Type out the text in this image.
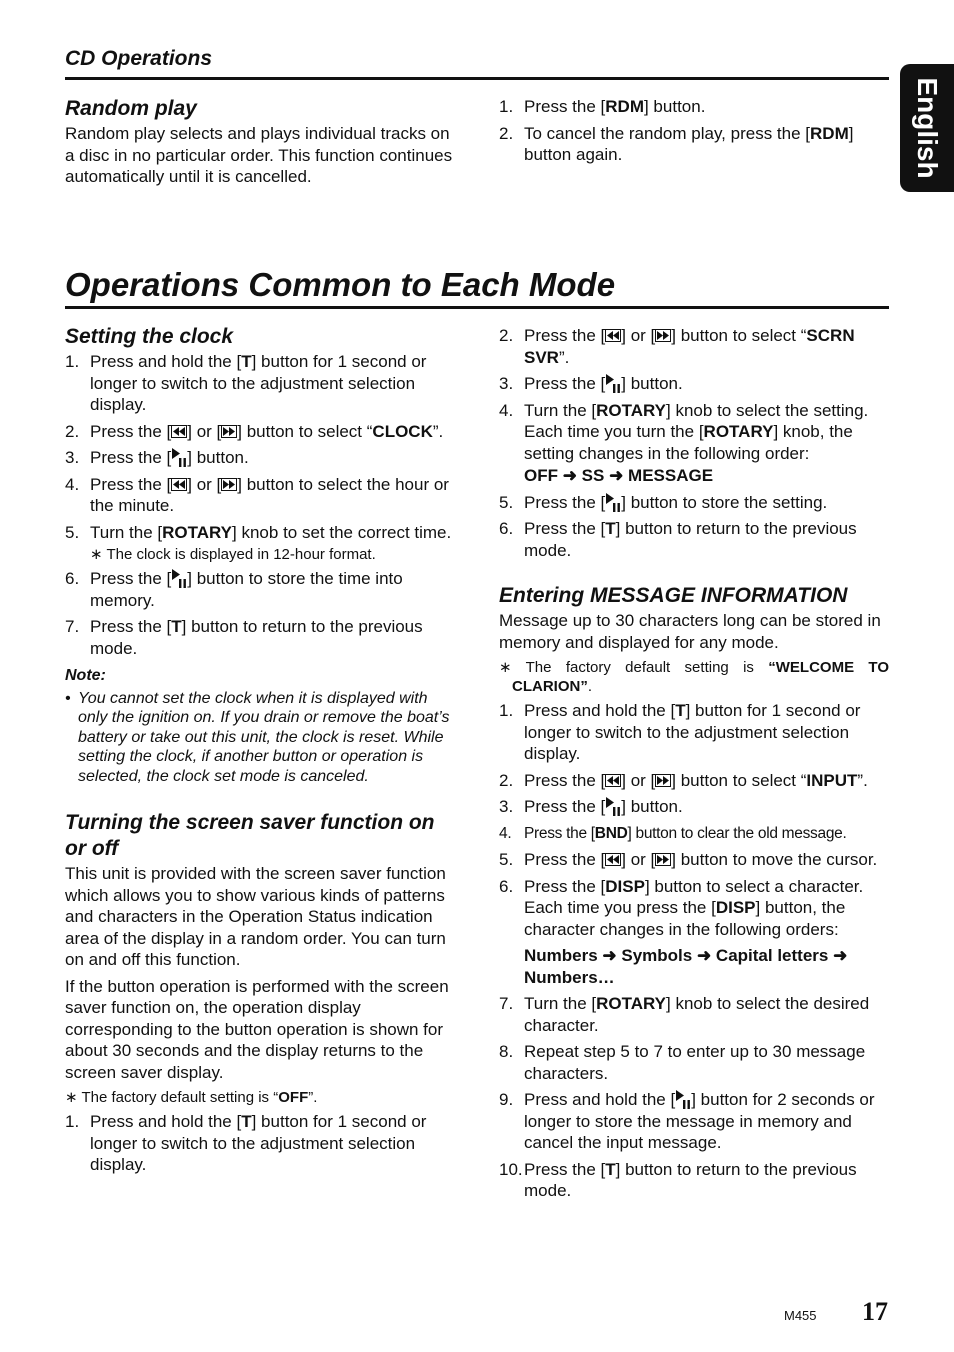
CD Operations
English
Random play
Random play selects and plays individual tracks on a disc in no particular order. This function continues automatically until it is cancelled.
1. Press the [RDM] button.
2. To cancel the random play, press the [RDM] button again.
Operations Common to Each Mode
Setting the clock
1. Press and hold the [T] button for 1 second or longer to switch to the adjustment selection display.
2. Press the [ ] or [ ] button to select “CLOCK”.
3. Press the [ ] button.
4. Press the [ ] or [ ] button to select the hour or the minute.
5. Turn the [ROTARY] knob to set the correct time.
∗ The clock is displayed in 12-hour format.
6. Press the [ ] button to store the time into memory.
7. Press the [T] button to return to the previous mode.
Note:
• You cannot set the clock when it is displayed with only the ignition on. If you drain or remove the boat’s battery or take out this unit, the clock is reset. While setting the clock, if another button or operation is selected, the clock set mode is canceled.
Turning the screen saver function on or off
This unit is provided with the screen saver function which allows you to show various kinds of patterns and characters in the Operation Status indication area of the display in a random order. You can turn on and off this function.
If the button operation is performed with the screen saver function on, the operation display corresponding to the button operation is shown for about 30 seconds and the display returns to the screen saver display.
∗ The factory default setting is “OFF”.
1. Press and hold the [T] button for 1 second or longer to switch to the adjustment selection display.
2. Press the [ ] or [ ] button to select “SCRN SVR”.
3. Press the [ ] button.
4. Turn the [ROTARY] knob to select the setting. Each time you turn the [ROTARY] knob, the setting changes in the following order:
OFF ➜ SS ➜ MESSAGE
5. Press the [ ] button to store the setting.
6. Press the [T] button to return to the previous mode.
Entering MESSAGE INFORMATION
Message up to 30 characters long can be stored in memory and displayed for any mode.
∗ The factory default setting is “WELCOME TO CLARION”.
1. Press and hold the [T] button for 1 second or longer to switch to the adjustment selection display.
2. Press the [ ] or [ ] button to select “INPUT”.
3. Press the [ ] button.
4. Press the [BND] button to clear the old message.
5. Press the [ ] or [ ] button to move the cursor.
6. Press the [DISP] button to select a character. Each time you press the [DISP] button, the character changes in the following orders:
Numbers ➜ Symbols ➜ Capital letters ➜ Numbers…
7. Turn the [ROTARY] knob to select the desired character.
8. Repeat step 5 to 7 to enter up to 30 message characters.
9. Press and hold the [ ] button for 2 seconds or longer to store the message in memory and cancel the input message.
10. Press the [T] button to return to the previous mode.
M455 17
